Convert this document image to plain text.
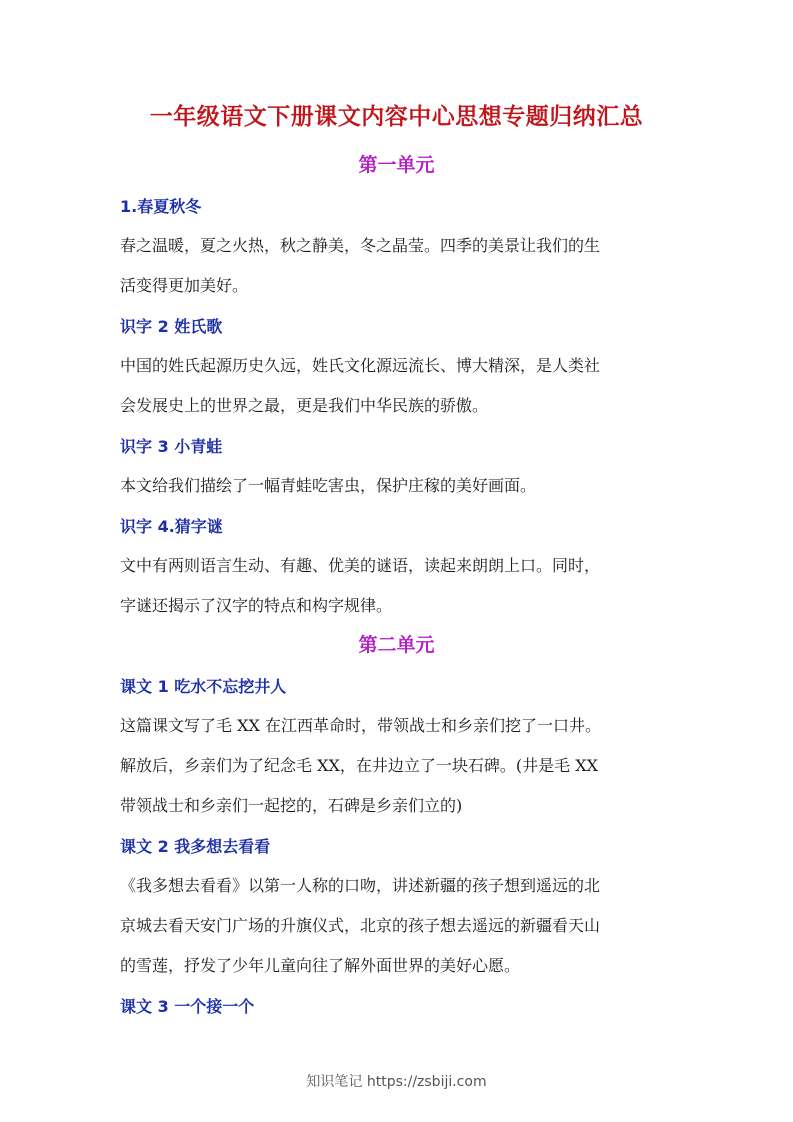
一年级语文下册课文内容中心思想专题归纳汇总
第一单元
1.春夏秋冬
春之温暖，夏之火热，秋之静美，冬之晶莹。四季的美景让我们的生
活变得更加美好。
识字 2 姓氏歌
中国的姓氏起源历史久远，姓氏文化源远流长、博大精深，是人类社
会发展史上的世界之最，更是我们中华民族的骄傲。
识字 3 小青蛙
本文给我们描绘了一幅青蛙吃害虫，保护庄稼的美好画面。
识字 4.猜字谜
文中有两则语言生动、有趣、优美的谜语，读起来朗朗上口。同时，
字谜还揭示了汉字的特点和构字规律。
第二单元
课文 1 吃水不忘挖井人
这篇课文写了毛 XX 在江西革命时，带领战士和乡亲们挖了一口井。
解放后，乡亲们为了纪念毛 XX，在井边立了一块石碑。(井是毛 XX
带领战士和乡亲们一起挖的，石碑是乡亲们立的)
课文 2 我多想去看看
《我多想去看看》以第一人称的口吻，讲述新疆的孩子想到遥远的北
京城去看天安门广场的升旗仪式，北京的孩子想去遥远的新疆看天山
的雪莲，抒发了少年儿童向往了解外面世界的美好心愿。
课文 3 一个接一个
知识笔记 https://zsbiji.com
